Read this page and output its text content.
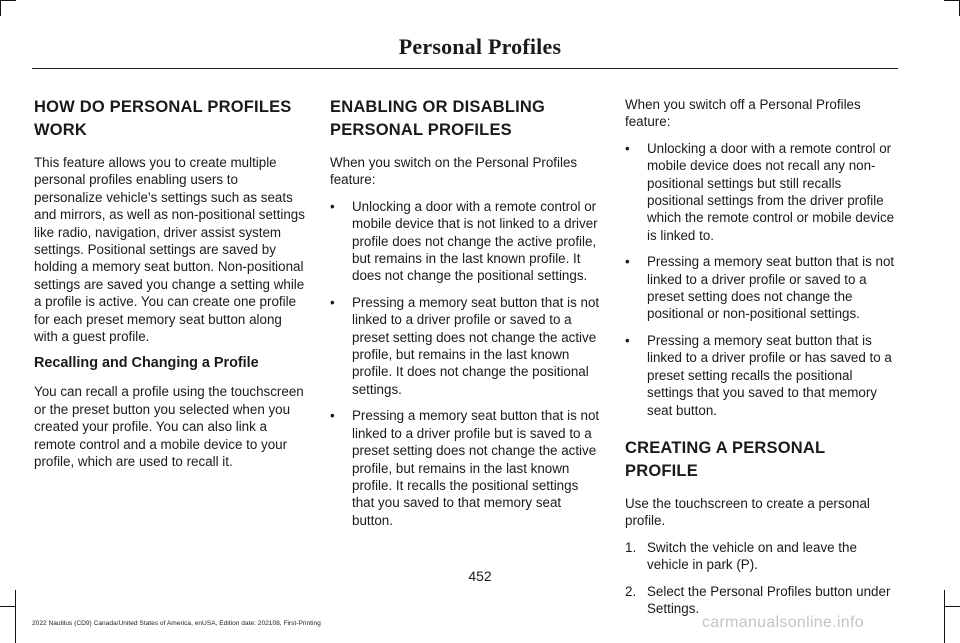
Personal Profiles
HOW DO PERSONAL PROFILES WORK

This feature allows you to create multiple personal profiles enabling users to personalize vehicle’s settings such as seats and mirrors, as well as non-positional settings like radio, navigation, driver assist system settings. Positional settings are saved by holding a memory seat button. Non-positional settings are saved you change a setting while a profile is active. You can create one profile for each preset memory seat button along with a guest profile.

Recalling and Changing a Profile

You can recall a profile using the touchscreen or the preset button you selected when you created your profile. You can also link a remote control and a mobile device to your profile, which are used to recall it.

ENABLING OR DISABLING PERSONAL PROFILES

When you switch on the Personal Profiles feature:

• Unlocking a door with a remote control or mobile device that is not linked to a driver profile does not change the active profile, but remains in the last known profile. It does not change the positional settings.
• Pressing a memory seat button that is not linked to a driver profile or saved to a preset setting does not change the active profile, but remains in the last known profile. It does not change the positional settings.
• Pressing a memory seat button that is not linked to a driver profile but is saved to a preset setting does not change the active profile, but remains in the last known profile. It recalls the positional settings that you saved to that memory seat button.

When you switch off a Personal Profiles feature:

• Unlocking a door with a remote control or mobile device does not recall any non-positional settings but still recalls positional settings from the driver profile which the remote control or mobile device is linked to.
• Pressing a memory seat button that is not linked to a driver profile or saved to a preset setting does not change the positional or non-positional settings.
• Pressing a memory seat button that is linked to a driver profile or has saved to a preset setting recalls the positional settings that you saved to that memory seat button.
CREATING A PERSONAL PROFILE

Use the touchscreen to create a personal profile.

1. Switch the vehicle on and leave the vehicle in park (P).
2. Select the Personal Profiles button under Settings.
452
2022 Nautilus (CD9) Canada/United States of America, enUSA, Edition date: 202108, First-Printing	carmanualsonline.info
